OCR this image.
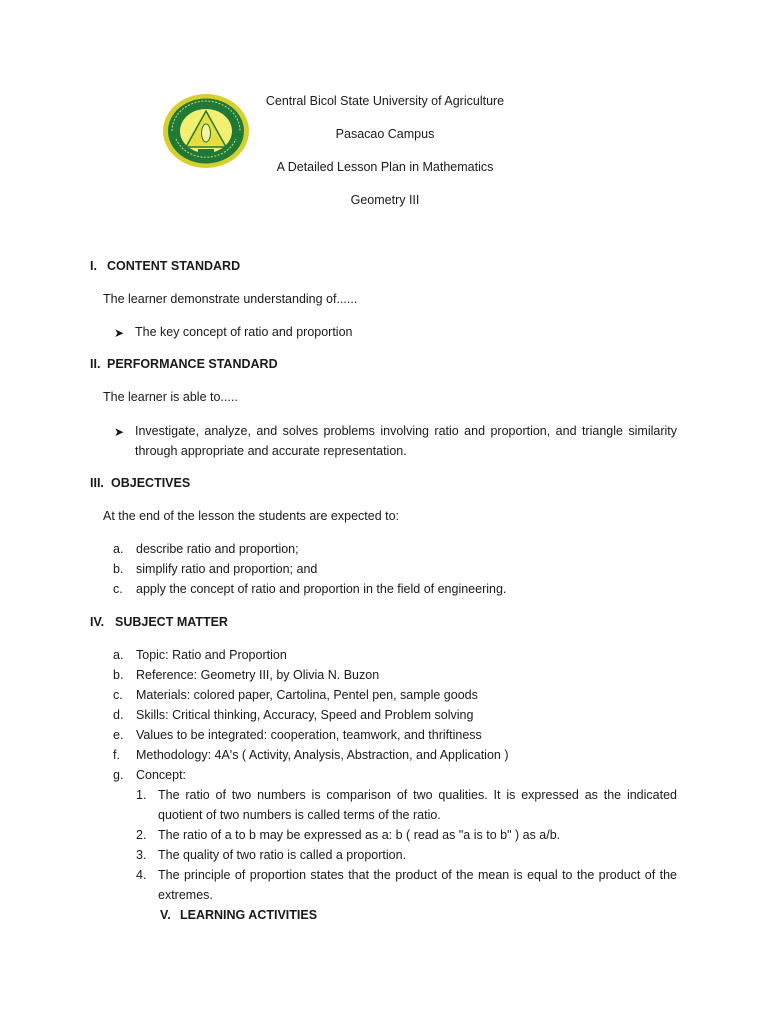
Central Bicol State University of Agriculture
Pasacao Campus
A Detailed Lesson Plan in Mathematics
Geometry III
I. CONTENT STANDARD
The learner demonstrate understanding of......
➤ The key concept of ratio and proportion
II. PERFORMANCE STANDARD
The learner is able to.....
➤ Investigate, analyze, and solves problems involving ratio and proportion, and triangle similarity through appropriate and accurate representation.
III. OBJECTIVES
At the end of the lesson the students are expected to:
a. describe ratio and proportion;
b. simplify ratio and proportion; and
c. apply the concept of ratio and proportion in the field of engineering.
IV. SUBJECT MATTER
a. Topic: Ratio and Proportion
b. Reference: Geometry III, by Olivia N. Buzon
c. Materials: colored paper, Cartolina, Pentel pen, sample goods
d. Skills: Critical thinking, Accuracy, Speed and Problem solving
e. Values to be integrated: cooperation, teamwork, and thriftiness
f. Methodology: 4A's ( Activity, Analysis, Abstraction, and Application )
g. Concept:
1. The ratio of two numbers is comparison of two qualities. It is expressed as the indicated quotient of two numbers is called terms of the ratio.
2. The ratio of a to b may be expressed as a: b ( read as "a is to b" ) as a/b.
3. The quality of two ratio is called a proportion.
4. The principle of proportion states that the product of the mean is equal to the product of the extremes.
V. LEARNING ACTIVITIES
